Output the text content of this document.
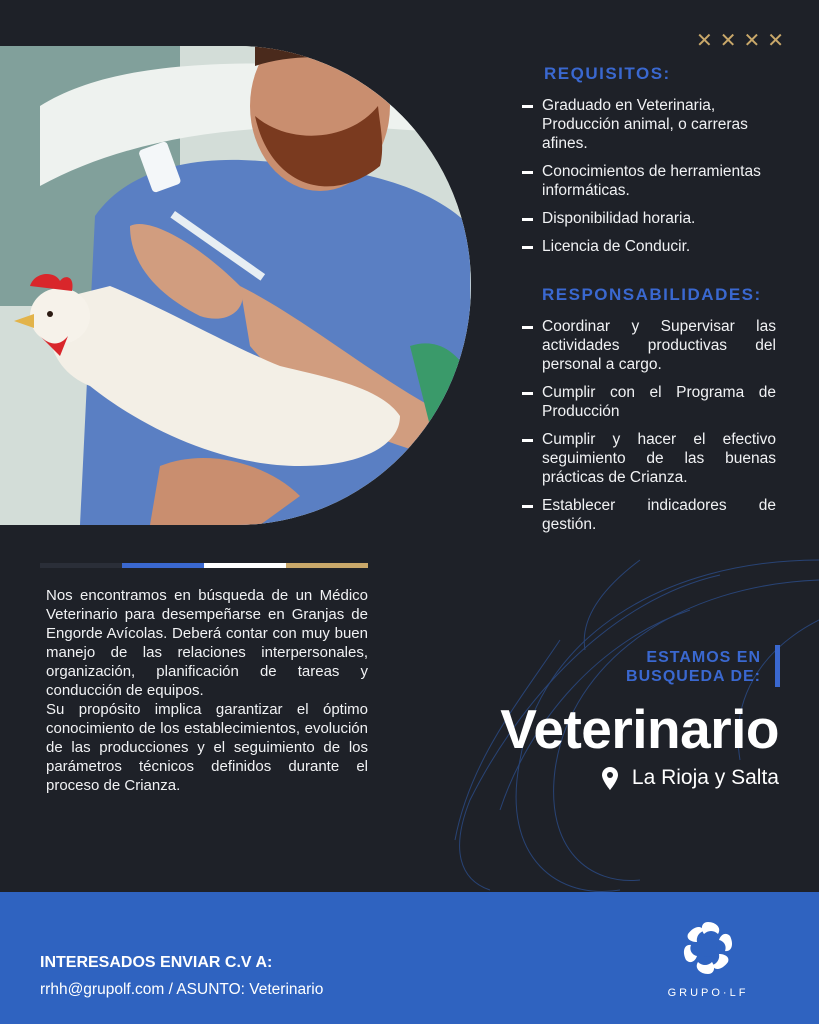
✕ ✕ ✕ ✕
REQUISITOS:
Graduado en Veterinaria, Producción animal, o carreras afines.
Conocimientos de herramientas informáticas.
Disponibilidad horaria.
Licencia de Conducir.
RESPONSABILIDADES:
Coordinar y Supervisar las actividades productivas del personal a cargo.
Cumplir con el Programa de Producción
Cumplir y hacer el efectivo seguimiento de las buenas prácticas de Crianza.
Establecer indicadores de gestión.

Nos encontramos en búsqueda de un Médico Veterinario para desempeñarse en Granjas de Engorde Avícolas. Deberá contar con muy buen manejo de las relaciones interpersonales, organización, planificación de tareas y conducción de equipos.

Su propósito implica garantizar el óptimo conocimiento de los establecimientos, evolución de las producciones y el seguimiento de los parámetros técnicos definidos durante el proceso de Crianza.

ESTAMOS EN
BUSQUEDA DE:
Veterinario
La Rioja y Salta
INTERESADOS ENVIAR C.V A:
rrhh@grupolf.com / ASUNTO: Veterinario	GRUPO·LF
